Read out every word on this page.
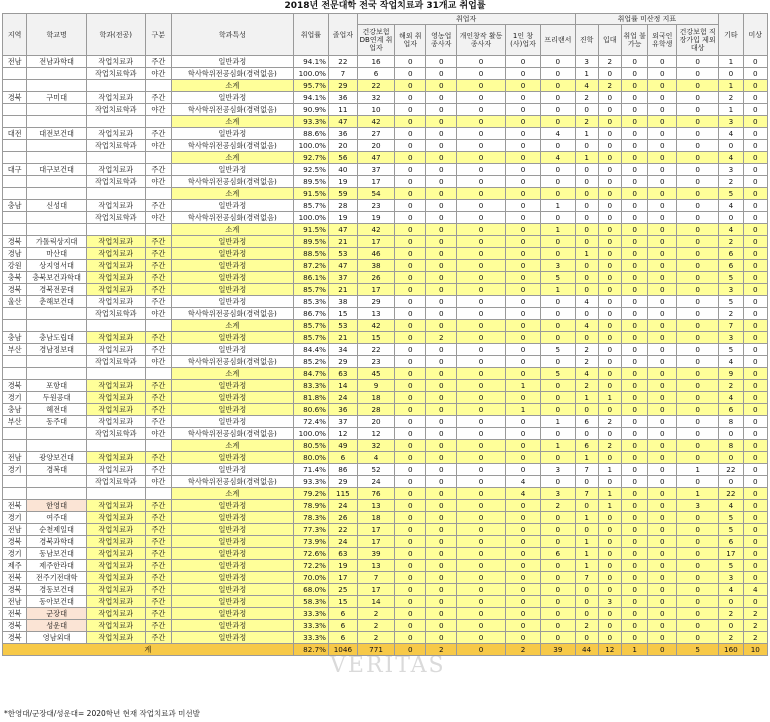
2018년 전문대학 전국 작업치료과 31개교 취업률
지역	학교명	학과(전공)	구분	학과특성	취업률	졸업자	취업자						취업률 미산정 지표					기타	미상
							건강보험 DB연계 취업자	해외 취업자	영농업 종사자	개인창작 활동종사자	1인 창(사)업자	프리랜서	진학	입대	취업 불가능	외국인 유학생	건강보험 직장가입 제외대상		
전남	전남과학대	작업치료과	주간	일반과정	94.1%	22	16	0	0	0	0	0	3	2	0	0	0	1	0
		작업치료학과	야간	학사학위전공심화(경력없음)	100.0%	7	6	0	0	0	0	0	1	0	0	0	0	0	0
				소계	95.7%	29	22	0	0	0	0	0	4	2	0	0	0	1	0
경북	구미대	작업치료과	주간	일반과정	94.1%	36	32	0	0	0	0	0	2	0	0	0	0	2	0
		작업치료학과	야간	학사학위전공심화(경력없음)	90.9%	11	10	0	0	0	0	0	0	0	0	0	0	1	0
				소계	93.3%	47	42	0	0	0	0	0	2	0	0	0	0	3	0
대전	대전보건대	작업치료과	주간	일반과정	88.6%	36	27	0	0	0	0	4	1	0	0	0	0	4	0
		작업치료학과	야간	학사학위전공심화(경력없음)	100.0%	20	20	0	0	0	0	0	0	0	0	0	0	0	0
				소계	92.7%	56	47	0	0	0	0	4	1	0	0	0	0	4	0
대구	대구보건대	작업치료과	주간	일반과정	92.5%	40	37	0	0	0	0	0	0	0	0	0	0	3	0
		작업치료학과	야간	학사학위전공심화(경력없음)	89.5%	19	17	0	0	0	0	0	0	0	0	0	0	2	0
				소계	91.5%	59	54	0	0	0	0	0	0	0	0	0	0	5	0
충남	신성대	작업치료과	주간	일반과정	85.7%	28	23	0	0	0	0	1	0	0	0	0	0	4	0
		작업치료학과	야간	학사학위전공심화(경력없음)	100.0%	19	19	0	0	0	0	0	0	0	0	0	0	0	0
				소계	91.5%	47	42	0	0	0	0	1	0	0	0	0	0	4	0
경북	가톨릭상지대	작업치료과	주간	일반과정	89.5%	21	17	0	0	0	0	0	0	0	0	0	0	2	0
경남	마산대	작업치료과	주간	일반과정	88.5%	53	46	0	0	0	0	0	1	0	0	0	0	6	0
강원	상지영서대	작업치료과	주간	일반과정	87.2%	47	38	0	0	0	0	3	0	0	0	0	0	6	0
충북	충북보건과학대	작업치료과	주간	일반과정	86.1%	37	26	0	0	0	0	5	0	0	0	0	0	5	0
경북	경북전문대	작업치료과	주간	일반과정	85.7%	21	17	0	0	0	0	1	0	0	0	0	0	3	0
울산	춘해보건대	작업치료과	주간	일반과정	85.3%	38	29	0	0	0	0	0	4	0	0	0	0	5	0
		작업치료학과	야간	학사학위전공심화(경력없음)	86.7%	15	13	0	0	0	0	0	0	0	0	0	0	2	0
				소계	85.7%	53	42	0	0	0	0	0	4	0	0	0	0	7	0
충남	충남도립대	작업치료과	주간	일반과정	85.7%	21	15	0	2	0	0	0	0	0	0	0	0	3	0
부산	경남정보대	작업치료과	주간	일반과정	84.4%	34	22	0	0	0	0	5	2	0	0	0	0	5	0
		작업치료학과	야간	학사학위전공심화(경력없음)	85.2%	29	23	0	0	0	0	0	2	0	0	0	0	4	0
				소계	84.7%	63	45	0	0	0	0	5	4	0	0	0	0	9	0
경북	포항대	작업치료과	주간	일반과정	83.3%	14	9	0	0	0	1	0	2	0	0	0	0	2	0
경기	두원공대	작업치료과	주간	일반과정	81.8%	24	18	0	0	0	0	0	1	1	0	0	0	4	0
충남	혜전대	작업치료과	주간	일반과정	80.6%	36	28	0	0	0	1	0	0	0	0	0	0	6	0
부산	동주대	작업치료과	주간	일반과정	72.4%	37	20	0	0	0	0	1	6	2	0	0	0	8	0
		작업치료학과	야간	학사학위전공심화(경력없음)	100.0%	12	12	0	0	0	0	0	0	0	0	0	0	0	0
				소계	80.5%	49	32	0	0	0	0	1	6	2	0	0	0	8	0
전남	광양보건대	작업치료과	주간	일반과정	80.0%	6	4	0	0	0	0	0	1	0	0	0	0	0	0
경기	경복대	작업치료과	주간	일반과정	71.4%	86	52	0	0	0	0	3	7	1	0	0	1	22	0
		작업치료학과	야간	학사학위전공심화(경력없음)	93.3%	29	24	0	0	0	4	0	0	0	0	0	0	0	0
				소계	79.2%	115	76	0	0	0	4	3	7	1	0	0	1	22	0
전북	한영대	작업치료과	주간	일반과정	78.9%	24	13	0	0	0	0	2	0	1	0	0	3	4	0
경기	여주대	작업치료과	주간	일반과정	78.3%	26	18	0	0	0	0	0	1	0	0	0	0	5	0
전남	순천제일대	작업치료과	주간	일반과정	77.3%	22	17	0	0	0	0	0	0	0	0	0	0	5	0
경북	경북과학대	작업치료과	주간	일반과정	73.9%	24	17	0	0	0	0	0	1	0	0	0	0	6	0
경기	동남보건대	작업치료과	주간	일반과정	72.6%	63	39	0	0	0	0	6	1	0	0	0	0	17	0
제주	제주한라대	작업치료과	주간	일반과정	72.2%	19	13	0	0	0	0	0	1	0	0	0	0	5	0
전북	전주기전대학	작업치료과	주간	일반과정	70.0%	17	7	0	0	0	0	0	7	0	0	0	0	3	0
경북	경동보건대	작업치료과	주간	일반과정	68.0%	25	17	0	0	0	0	0	0	0	0	0	0	4	4
전남	동아보건대	작업치료과	주간	일반과정	58.3%	15	14	0	0	0	0	0	0	3	0	0	0	0	0
전북	군장대	작업치료과	주간	일반과정	33.3%	6	2	0	0	0	0	0	0	0	0	0	0	2	2
경북	성운대	작업치료과	주간	일반과정	33.3%	6	2	0	0	0	0	0	2	0	0	0	0	0	2
경북	영남외대	작업치료과	주간	일반과정	33.3%	6	2	0	0	0	0	0	0	0	0	0	0	2	2
계					82.7%	1046	771	0	2	0	2	39	44	12	1	0	5	160	10
VERITAS
*한영대/군장대/성운대= 2020학년 현재 작업치료과 미선발
